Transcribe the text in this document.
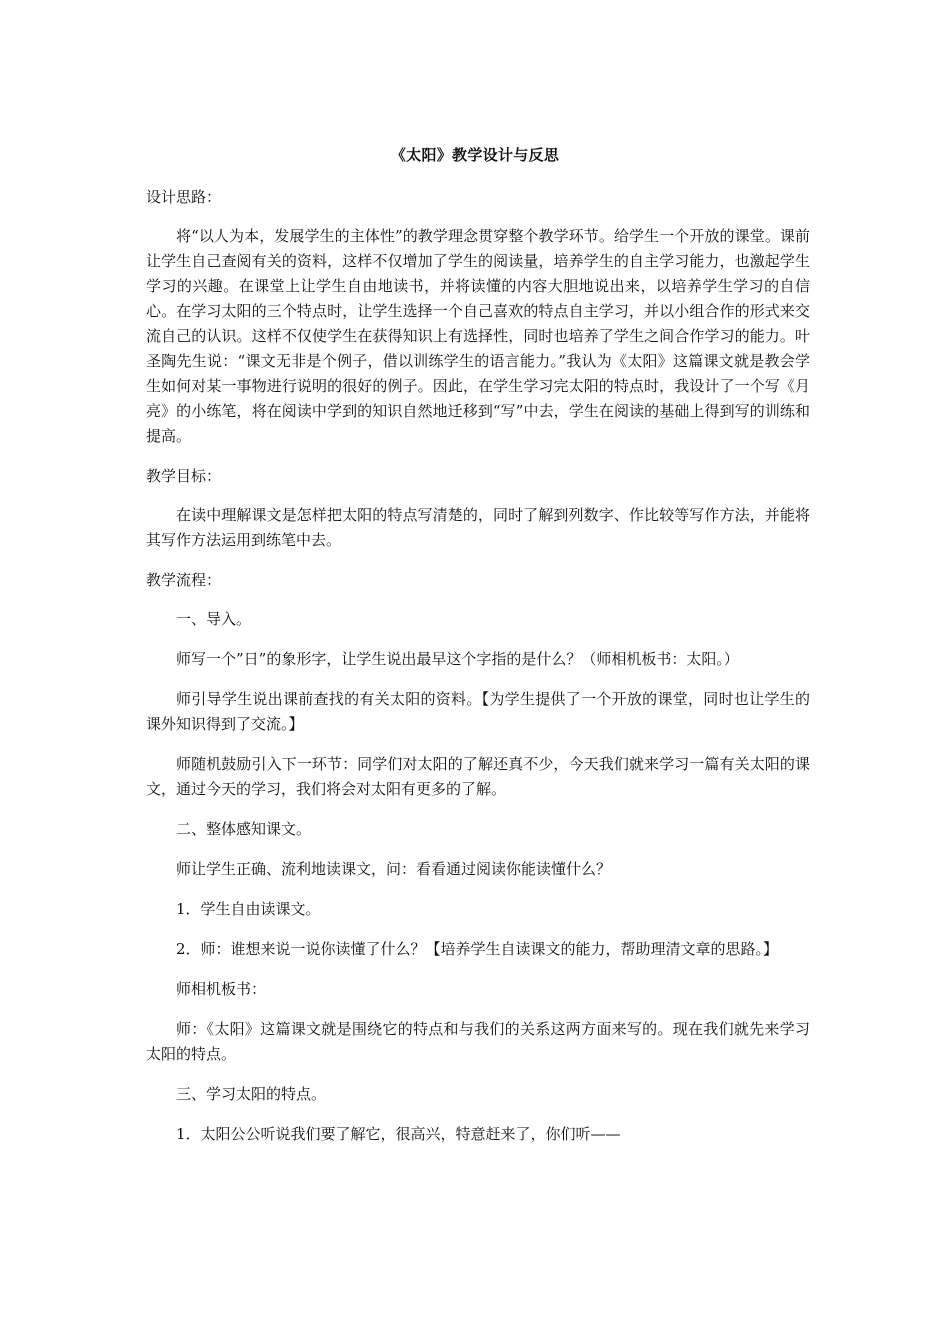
《太阳》教学设计与反思

设计思路：

将“以人为本，发展学生的主体性”的教学理念贯穿整个教学环节。给学生一个开放的课堂。课前让学生自己查阅有关的资料，这样不仅增加了学生的阅读量，培养学生的自主学习能力，也激起学生学习的兴趣。在课堂上让学生自由地读书，并将读懂的内容大胆地说出来，以培养学生学习的自信心。在学习太阳的三个特点时，让学生选择一个自己喜欢的特点自主学习，并以小组合作的形式来交流自己的认识。这样不仅使学生在获得知识上有选择性，同时也培养了学生之间合作学习的能力。叶圣陶先生说：“课文无非是个例子，借以训练学生的语言能力。”我认为《太阳》这篇课文就是教会学生如何对某一事物进行说明的很好的例子。因此，在学生学习完太阳的特点时，我设计了一个写《月亮》的小练笔，将在阅读中学到的知识自然地迁移到“写”中去，学生在阅读的基础上得到写的训练和提高。

教学目标：

在读中理解课文是怎样把太阳的特点写清楚的，同时了解到列数字、作比较等写作方法，并能将其写作方法运用到练笔中去。

教学流程：

一、导入。

师写一个”日”的象形字，让学生说出最早这个字指的是什么？（师相机板书：太阳。）

师引导学生说出课前查找的有关太阳的资料。【为学生提供了一个开放的课堂，同时也让学生的课外知识得到了交流。】

师随机鼓励引入下一环节：同学们对太阳的了解还真不少，今天我们就来学习一篇有关太阳的课文，通过今天的学习，我们将会对太阳有更多的了解。

二、整体感知课文。

师让学生正确、流利地读课文，问：看看通过阅读你能读懂什么？

1．学生自由读课文。

2．师：谁想来说一说你读懂了什么？【培养学生自读课文的能力，帮助理清文章的思路。】

师相机板书：

师：《太阳》这篇课文就是围绕它的特点和与我们的关系这两方面来写的。现在我们就先来学习太阳的特点。

三、学习太阳的特点。

1．太阳公公听说我们要了解它，很高兴，特意赶来了，你们听——
